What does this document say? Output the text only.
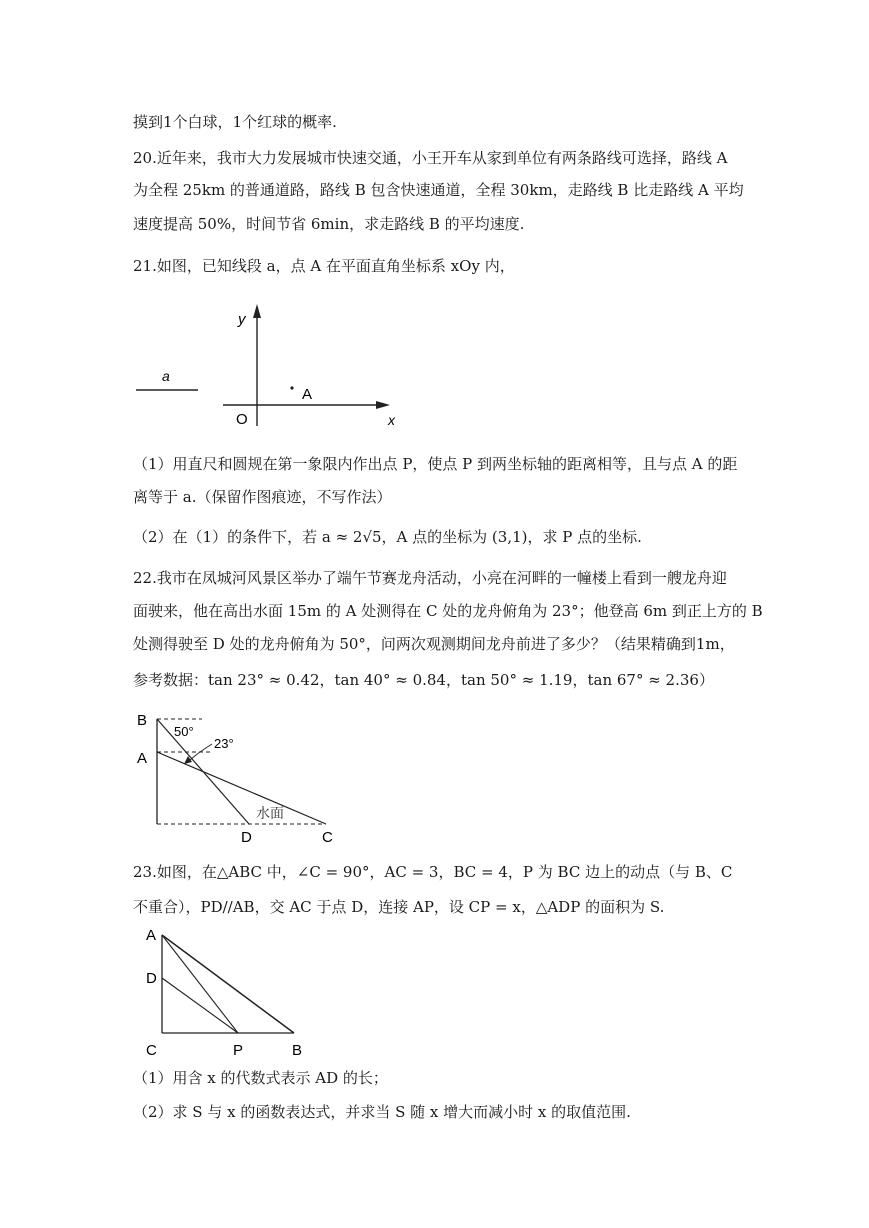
摸到1个白球，1个红球的概率.
20.近年来，我市大力发展城市快速交通，小王开车从家到单位有两条路线可选择，路线 A
为全程 25km 的普通道路，路线 B 包含快速通道，全程 30km，走路线 B 比走路线 A 平均
速度提高 50%，时间节省 6min，求走路线 B 的平均速度.
21.如图，已知线段 a，点 A 在平面直角坐标系 xOy 内，
a
y
x
O
A
（1）用直尺和圆规在第一象限内作出点 P，使点 P 到两坐标轴的距离相等，且与点 A 的距
离等于 a.（保留作图痕迹，不写作法）
（2）在（1）的条件下，若 a ≈ 2√5，A 点的坐标为 (3,1)，求 P 点的坐标.
22.我市在凤城河风景区举办了端午节赛龙舟活动，小亮在河畔的一幢楼上看到一艘龙舟迎
面驶来，他在高出水面 15m 的 A 处测得在 C 处的龙舟俯角为 23°；他登高 6m 到正上方的 B
处测得驶至 D 处的龙舟俯角为 50°，问两次观测期间龙舟前进了多少？（结果精确到1m，
参考数据：tan 23° ≈ 0.42，tan 40° ≈ 0.84，tan 50° ≈ 1.19，tan 67° ≈ 2.36）
B
A
50°
23°
水面
D	C
23.如图，在△ABC 中，∠C = 90°，AC = 3，BC = 4，P 为 BC 边上的动点（与 B、C
不重合），PD//AB，交 AC 于点 D，连接 AP，设 CP = x，△ADP 的面积为 S.
A
D
C	P	B
（1）用含 x 的代数式表示 AD 的长；
（2）求 S 与 x 的函数表达式，并求当 S 随 x 增大而减小时 x 的取值范围.
